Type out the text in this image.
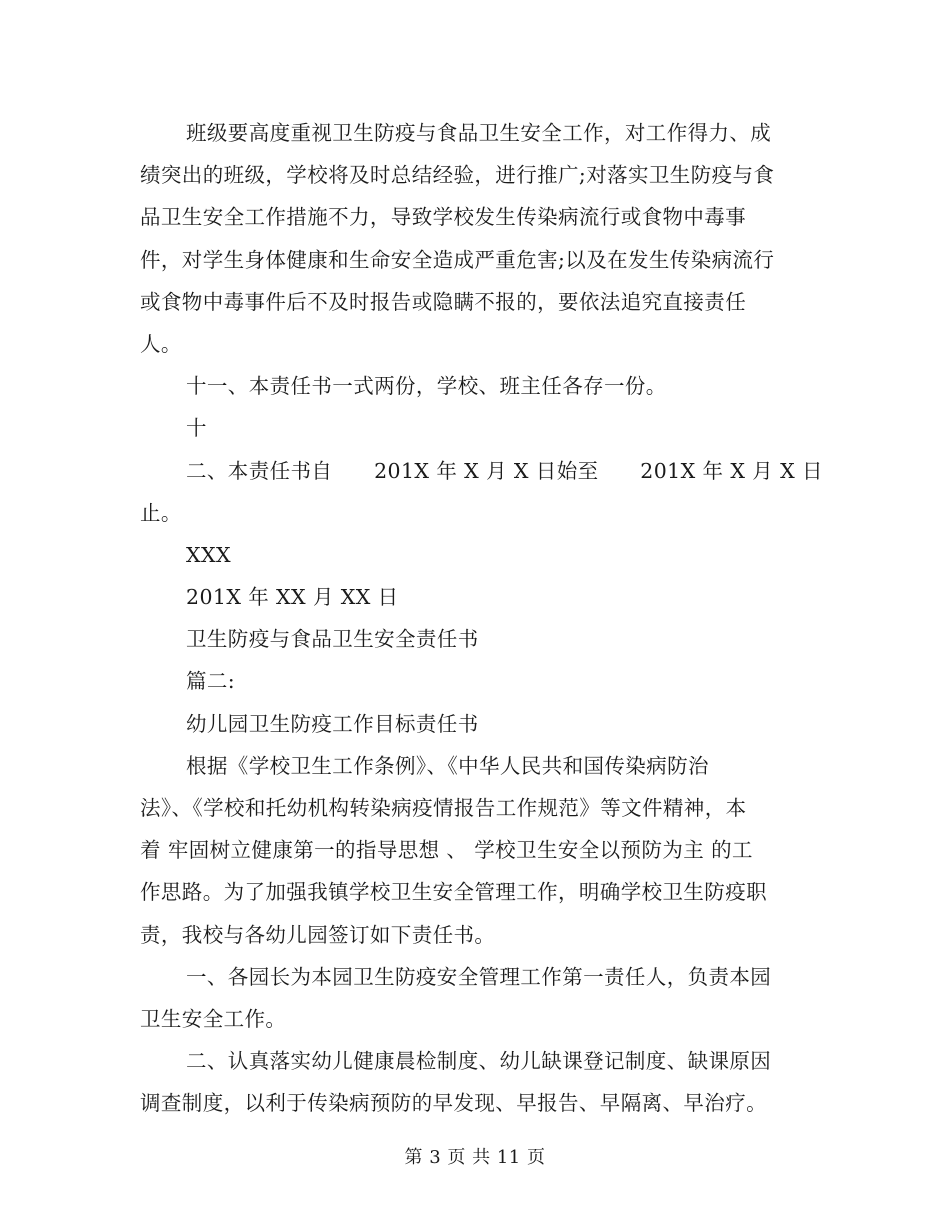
班级要高度重视卫生防疫与食品卫生安全工作，对工作得力、成
绩突出的班级，学校将及时总结经验，进行推广;对落实卫生防疫与食
品卫生安全工作措施不力，导致学校发生传染病流行或食物中毒事
件，对学生身体健康和生命安全造成严重危害;以及在发生传染病流行
或食物中毒事件后不及时报告或隐瞒不报的，要依法追究直接责任
人。
十一、本责任书一式两份，学校、班主任各存一份。
十
二、本责任书自　　201X 年 X 月 X 日始至　　201X 年 X 月 X 日
止。
XXX
201X 年 XX 月 XX 日
卫生防疫与食品卫生安全责任书
篇二:
幼儿园卫生防疫工作目标责任书
根据《学校卫生工作条例》、《中华人民共和国传染病防治
法》、《学校和托幼机构转染病疫情报告工作规范》等文件精神，本
着 牢固树立健康第一的指导思想 、 学校卫生安全以预防为主 的工
作思路。为了加强我镇学校卫生安全管理工作，明确学校卫生防疫职
责，我校与各幼儿园签订如下责任书。
一、各园长为本园卫生防疫安全管理工作第一责任人，负责本园
卫生安全工作。
二、认真落实幼儿健康晨检制度、幼儿缺课登记制度、缺课原因
调查制度，以利于传染病预防的早发现、早报告、早隔离、早治疗。
第 3 页 共 11 页
